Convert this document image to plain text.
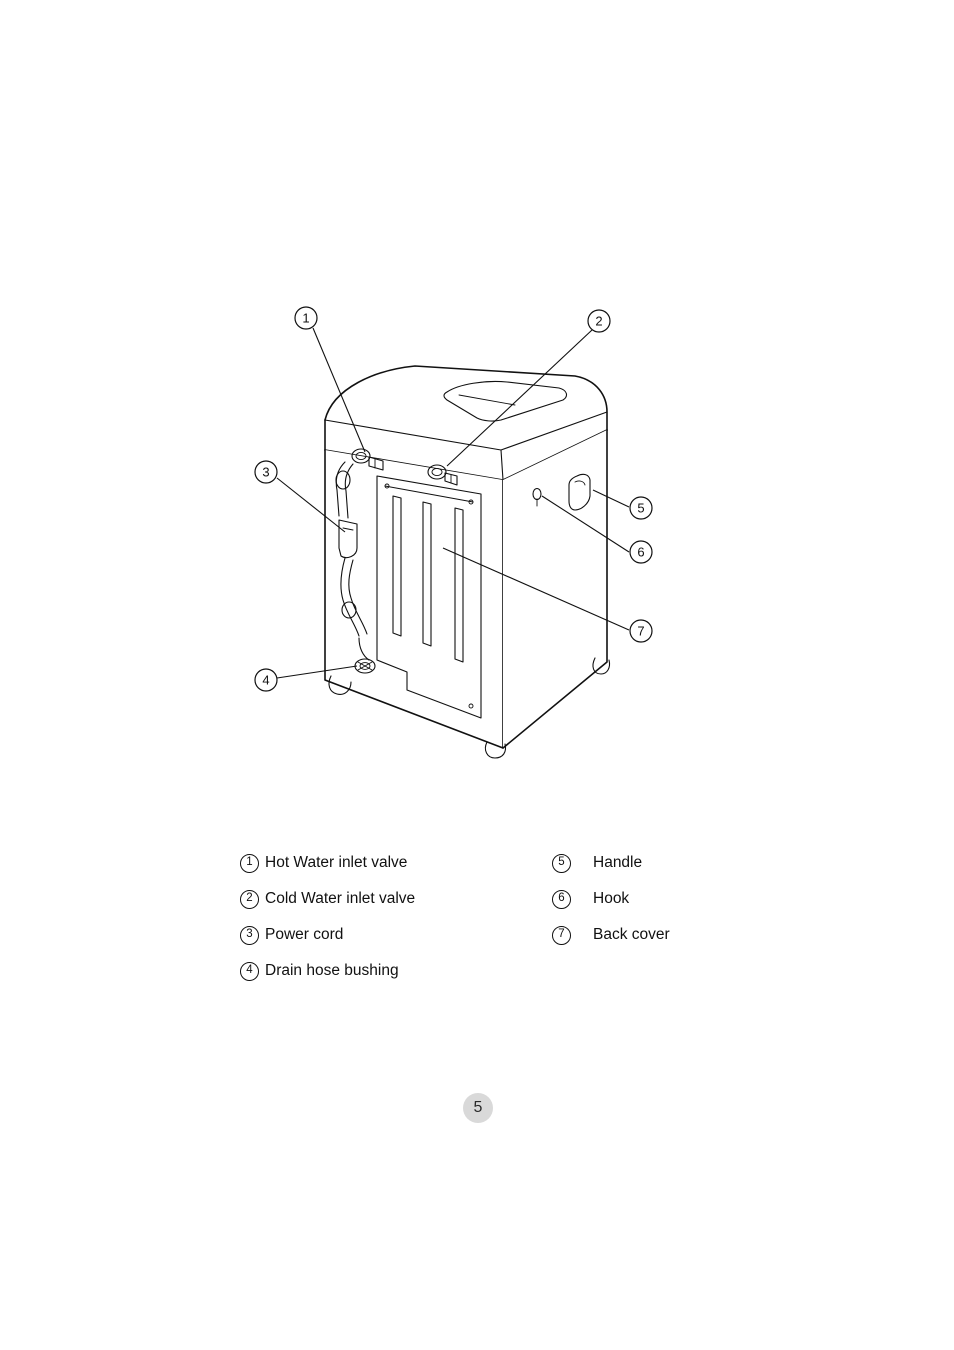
1	2
3
4
5
6
7
1 Hot Water inlet valve
2 Cold Water inlet valve
3 Power cord
4 Drain hose bushing
5	Handle
6	Hook
7	Back cover
5
